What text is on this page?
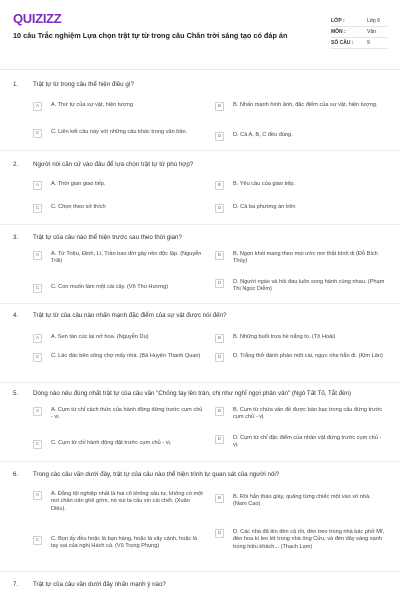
QUIZIZZ
10 câu Trắc nghiệm Lựa chọn trật tự từ trong câu Chân trời sáng tạo có đáp án
LỚP :	Lớp 6
MÔN :	Văn
SỐ CÂU :	9
1. Trật tự từ trong câu thể hiện điều gì?
A	A. Thứ tự của sự vật, hiện tượng	B	B. Nhấn mạnh hình ảnh, đặc điểm của sự vật, hiện tượng.
C	C. Liên kết câu này với những câu khác trong văn bản.
D	D. Cả A, B, C đều đúng.
2. Người nói căn cứ vào đâu để lựa chọn trật tự từ phù hợp?
A	A. Thời gian giao tiếp.	B	B. Yêu cầu của giao tiếp.
C	C. Chọn theo sở thích	D	D. Cả ba phương án trên
3. Trật tự của câu nào thể hiện trước sau theo thời gian?
A	A. Từ Triệu, Đinh, Lí, Trần bao đời gây nền độc lập. (Nguyễn Trãi)
B	B. Ngọn khói mang theo mọi ước mơ thật bình dị (Đỗ Bích Thúy)
C	C. Con muốn làm một cái cây. (Võ Thu Hương)
D	D. Người ngáo và hồi đau luôn song hành cùng nhau. (Phạm Thị Ngọc Diễm)
4. Trật tự từ của câu nào nhấn mạnh đặc điểm của sự vật được nói đến?
A	A. Sen tàn cúc lại nở hoa. (Nguyễn Du)	B	B. Những buổi trưa hè nắng to. (Tô Hoài)
C	C. Lác đác bên sông chợ mấy nhà. (Bà Huyện Thanh Quan)	D	D. Trắng thở đánh phảo một cái, ngực nhẹ hẳn đi. (Kim Lân)
5. Dòng nào nêu đúng nhất trật tự của câu văn "Chống tay lên trán, chị như nghĩ ngợi phân vân" (Ngô Tất Tố, Tắt đèn)
A	A. Cụm từ chỉ cách thức của hành động đứng trước cụm chủ - vị.
B	B. Cụm từ chứa vần đề được bàn bạc trong câu đứng trước cụm chủ - vị.
C	C. Cụm từ chỉ hành động đặt trước cụm chủ - vị.
D	D. Cụm từ chỉ đặc điểm của nhân vật đứng trước cụm chủ - vị.
6. Trong các câu văn dưới đây, trật tự của câu nào thể hiện trình tự quan sát của người nói?
A	A. Đằng tội nghiệp nhất là hai cô không sâu tư, không có một nơi chân nản ghê gớm, nó xui ta câu xin cái chết. (Xuân Diệu).
B	B. Rồi hắn thảo giày, quăng từng chiếc một vào xó nhà. (Nam Cao)
C	C. Bọn ấy đều hoặc là bạn hàng, hoặc là vây cánh, hoặc là tay sai của nghị Hách cả. (Vũ Trọng Phụng)
D	D. Các nhà đã lên đèn cả rồi, đèn treo trong nhà bác phở Mĩ, đèn hoa kì leo lét trong nhà ông Cửu, và đèn dây sáng xanh trong hiệu khách... (Thạch Lam)
7. Trật tự của câu văn dưới đây nhấn mạnh ý nào?
